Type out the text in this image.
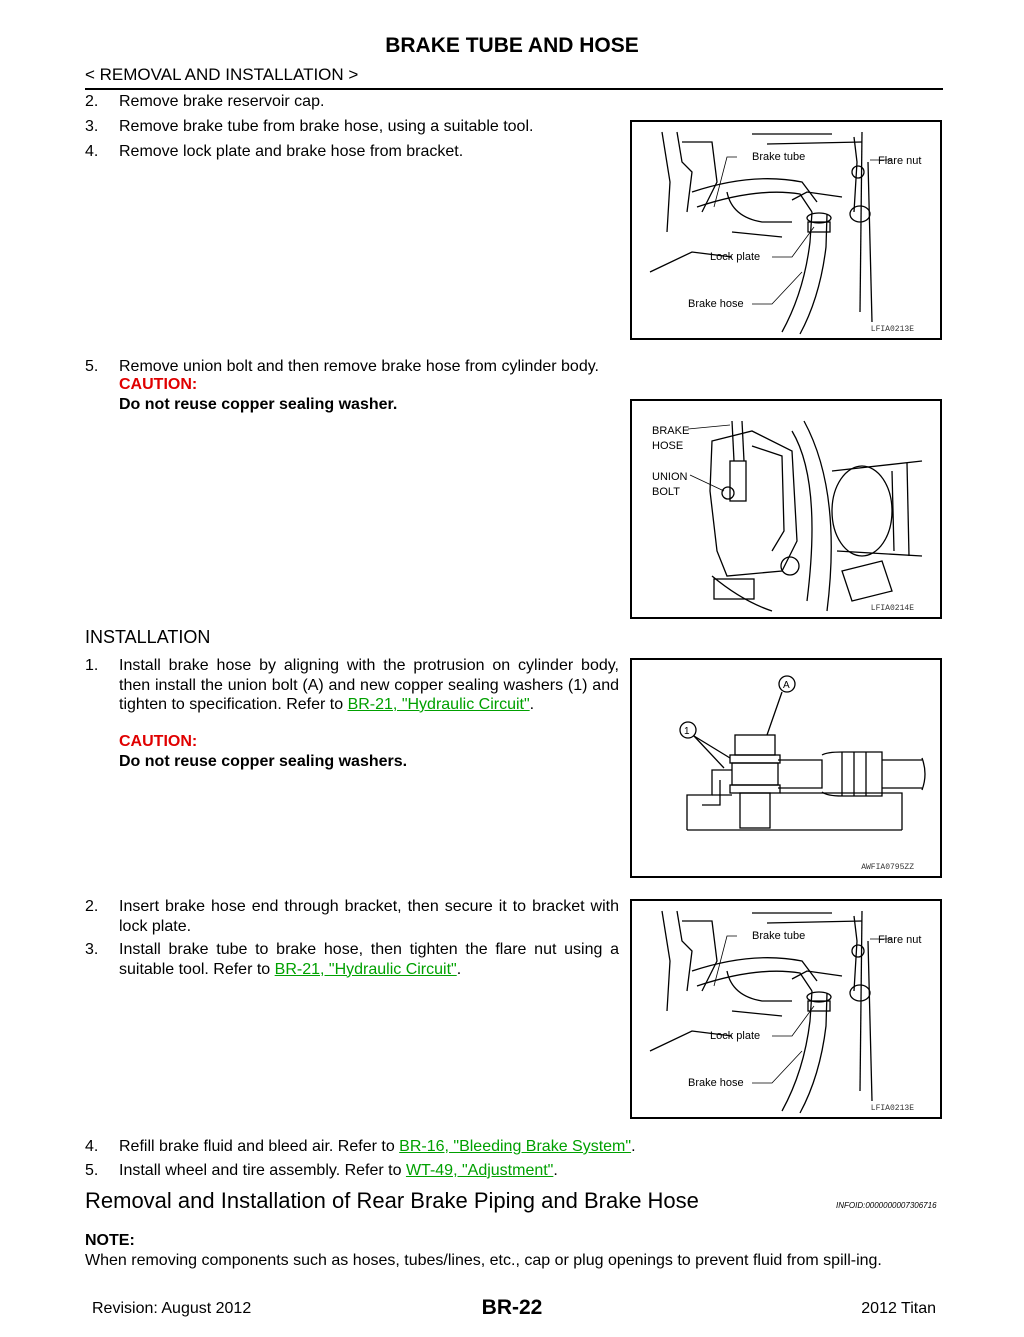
BRAKE TUBE AND HOSE
< REMOVAL AND INSTALLATION >
2.	Remove brake reservoir cap.
3.	Remove brake tube from brake hose, using a suitable tool.
4.	Remove lock plate and brake hose from bracket.	Brake tube	Flare nut
Lock plate
Brake hose
LFIA0213E
5.	Remove union bolt and then remove brake hose from cylinder body.
CAUTION:
Do not reuse copper sealing washer.
BRAKE
HOSE
UNION
BOLT
LFIA0214E
INSTALLATION
1.	Install brake hose by aligning with the protrusion on cylinder body, then install the union bolt (A) and new copper sealing washers (1) and tighten to specification. Refer to BR-21, "Hydraulic Circuit".
CAUTION:
Do not reuse copper sealing washers.
A
1
AWFIA0795ZZ
2.	Insert brake hose end through bracket, then secure it to bracket with lock plate.
3.	Install brake tube to brake hose, then tighten the flare nut using a suitable tool. Refer to BR-21, "Hydraulic Circuit".
Brake tube	Flare nut
Lock plate
Brake hose
LFIA0213E
4.	Refill brake fluid and bleed air. Refer to BR-16, "Bleeding Brake System".
5.	Install wheel and tire assembly. Refer to WT-49, "Adjustment".
Removal and Installation of Rear Brake Piping and Brake Hose	INFOID:0000000007306716
NOTE:
When removing components such as hoses, tubes/lines, etc., cap or plug openings to prevent fluid from spill-ing.
Revision: August 2012	BR-22	2012 Titan
